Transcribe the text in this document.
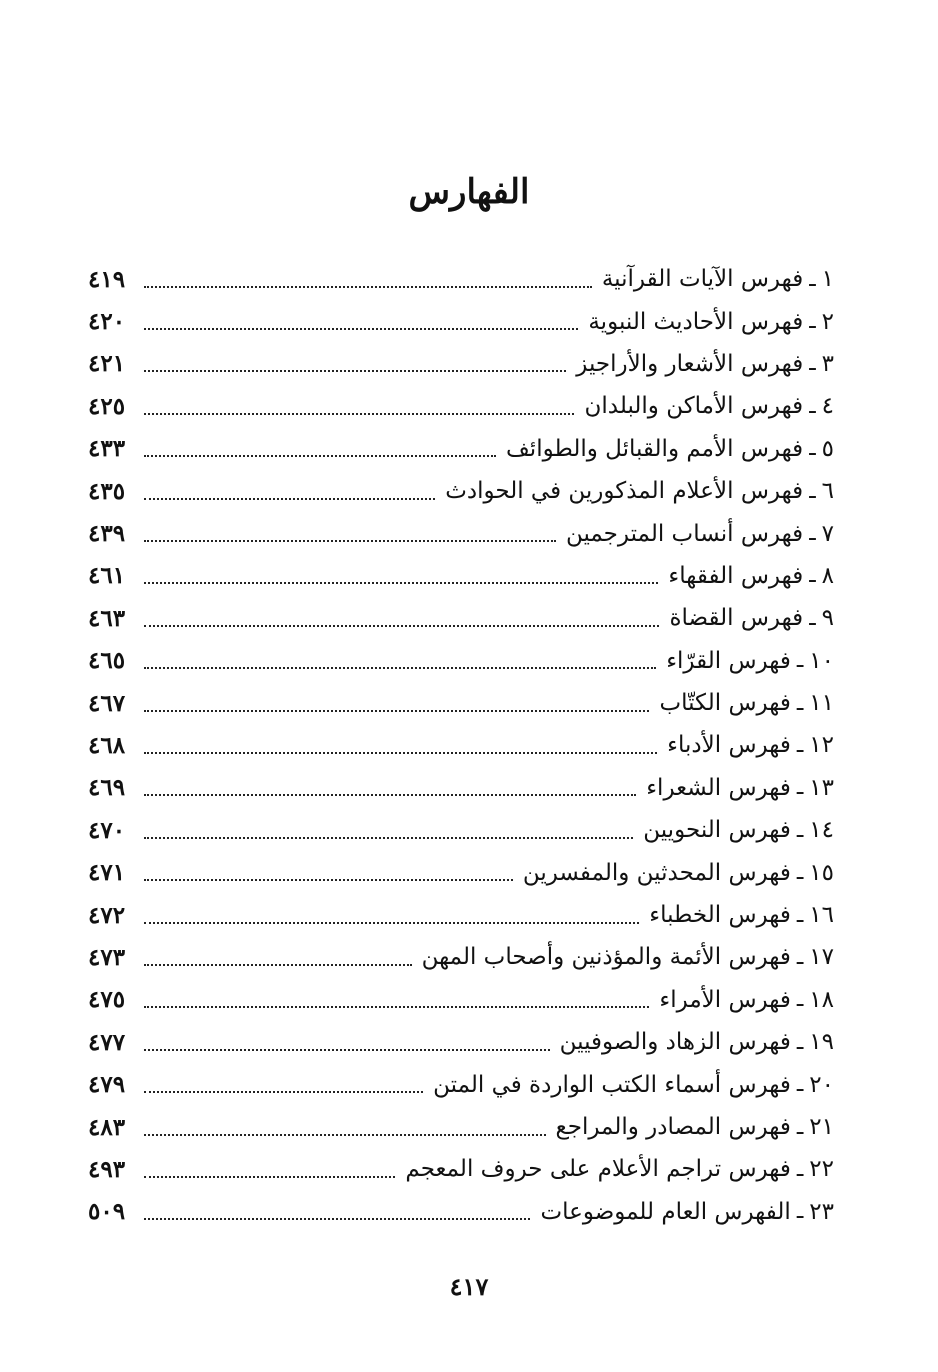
الفهارس
١
ـ
فهرس الآيات القرآنية
٤١٩
٢
ـ
فهرس الأحاديث النبوية
٤٢٠
٣
ـ
فهرس الأشعار والأراجيز
٤٢١
٤
ـ
فهرس الأماكن والبلدان
٤٢٥
٥
ـ
فهرس الأمم والقبائل والطوائف
٤٣٣
٦
ـ
فهرس الأعلام المذكورين في الحوادث
٤٣٥
٧
ـ
فهرس أنساب المترجمين
٤٣٩
٨
ـ
فهرس الفقهاء
٤٦١
٩
ـ
فهرس القضاة
٤٦٣
١٠
ـ
فهرس القرّاء
٤٦٥
١١
ـ
فهرس الكتّاب
٤٦٧
١٢
ـ
فهرس الأدباء
٤٦٨
١٣
ـ
فهرس الشعراء
٤٦٩
١٤
ـ
فهرس النحويين
٤٧٠
١٥
ـ
فهرس المحدثين والمفسرين
٤٧١
١٦
ـ
فهرس الخطباء
٤٧٢
١٧
ـ
فهرس الأئمة والمؤذنين وأصحاب المهن
٤٧٣
١٨
ـ
فهرس الأمراء
٤٧٥
١٩
ـ
فهرس الزهاد والصوفيين
٤٧٧
٢٠
ـ
فهرس أسماء الكتب الواردة في المتن
٤٧٩
٢١
ـ
فهرس المصادر والمراجع
٤٨٣
٢٢
ـ
فهرس تراجم الأعلام على حروف المعجم
٤٩٣
٢٣
ـ
الفهرس العام للموضوعات
٥٠٩
٤١٧
